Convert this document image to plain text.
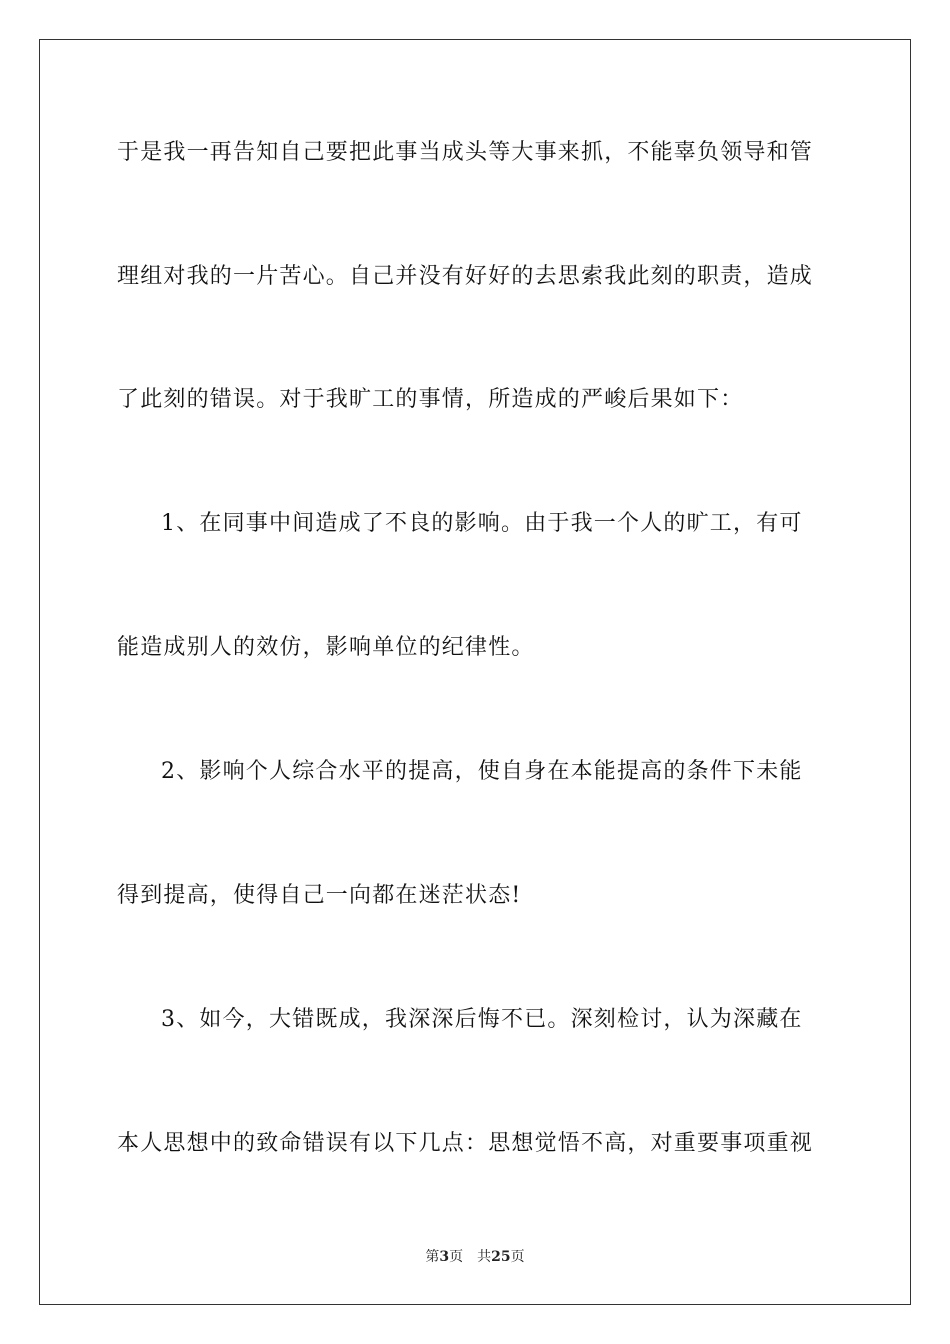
于是我一再告知自己要把此事当成头等大事来抓，不能辜负领导和管
理组对我的一片苦心。自己并没有好好的去思索我此刻的职责，造成
了此刻的错误。对于我旷工的事情，所造成的严峻后果如下：
1、在同事中间造成了不良的影响。由于我一个人的旷工，有可
能造成别人的效仿，影响单位的纪律性。
2、影响个人综合水平的提高，使自身在本能提高的条件下未能
得到提高，使得自己一向都在迷茫状态!
3、如今，大错既成，我深深后悔不已。深刻检讨，认为深藏在
本人思想中的致命错误有以下几点：思想觉悟不高，对重要事项重视
第3页 共25页
